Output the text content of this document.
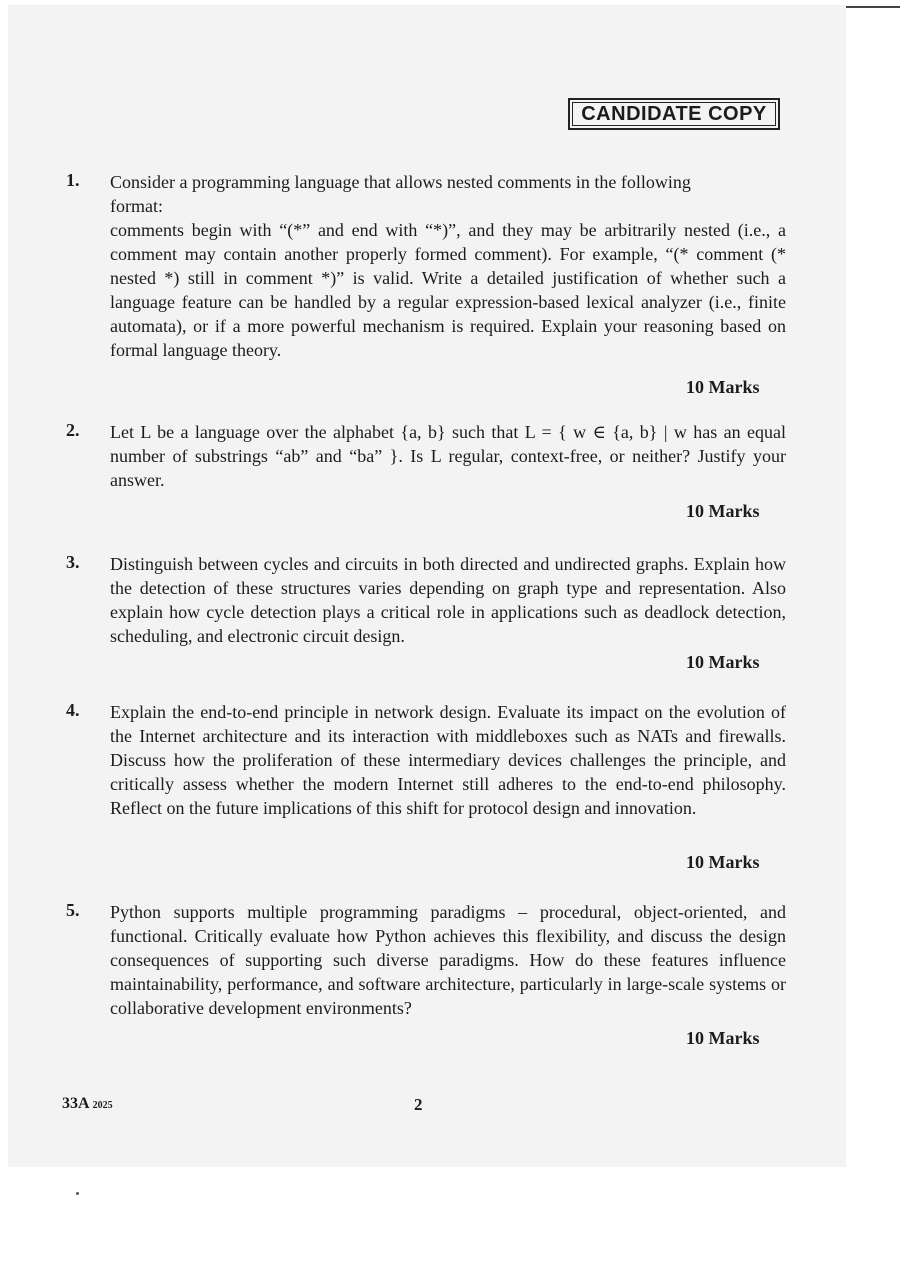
CANDIDATE COPY
1. Consider a programming language that allows nested comments in the following format:

comments begin with “(*” and end with “*)”, and they may be arbitrarily nested (i.e., a comment may contain another properly formed comment). For example, “(* comment (* nested *) still in comment *)” is valid. Write a detailed justification of whether such a language feature can be handled by a regular expression-based lexical analyzer (i.e., finite automata), or if a more powerful mechanism is required. Explain your reasoning based on formal language theory.

10 Marks
2. Let L be a language over the alphabet {a, b} such that L = { w ∈ {a, b} | w has an equal number of substrings “ab” and “ba” }. Is L regular, context-free, or neither? Justify your answer.

10 Marks
3. Distinguish between cycles and circuits in both directed and undirected graphs. Explain how the detection of these structures varies depending on graph type and representation. Also explain how cycle detection plays a critical role in applications such as deadlock detection, scheduling, and electronic circuit design.

10 Marks
4. Explain the end-to-end principle in network design. Evaluate its impact on the evolution of the Internet architecture and its interaction with middleboxes such as NATs and firewalls. Discuss how the proliferation of these intermediary devices challenges the principle, and critically assess whether the modern Internet still adheres to the end-to-end philosophy. Reflect on the future implications of this shift for protocol design and innovation.

10 Marks
5. Python supports multiple programming paradigms – procedural, object-oriented, and functional. Critically evaluate how Python achieves this flexibility, and discuss the design consequences of supporting such diverse paradigms. How do these features influence maintainability, performance, and software architecture, particularly in large-scale systems or collaborative development environments?

10 Marks
33A 2025	2
